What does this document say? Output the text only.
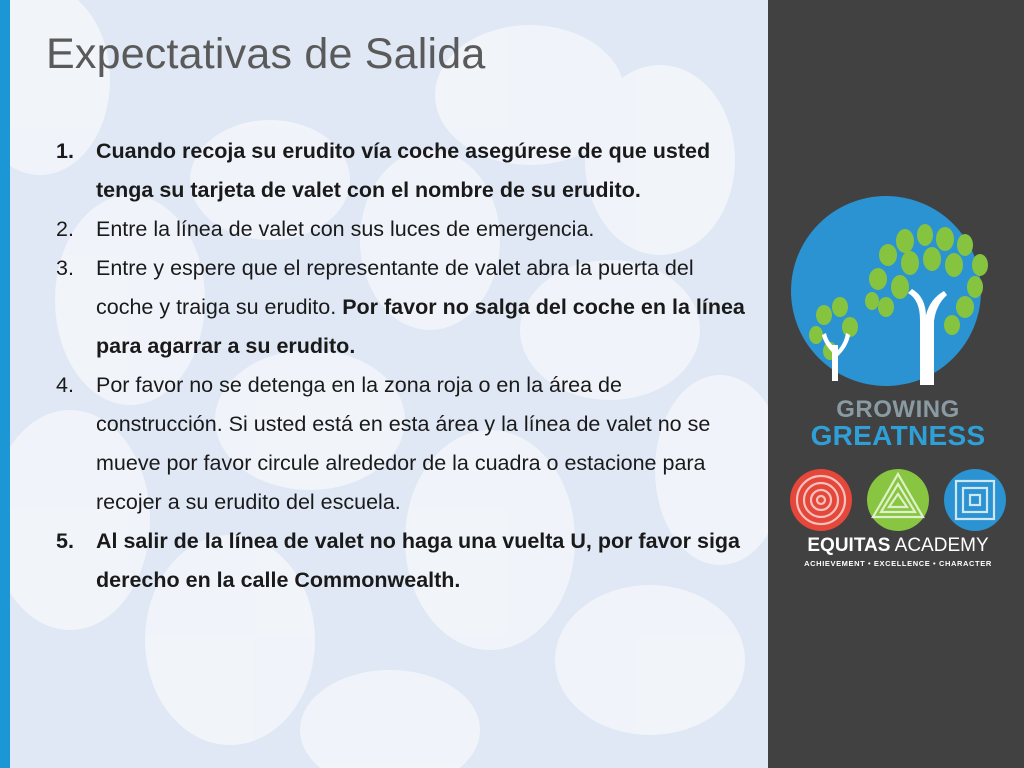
Expectativas de Salida
1. Cuando recoja su erudito vía coche asegúrese de que usted tenga su tarjeta de valet con el nombre de su erudito.
2. Entre la línea de valet con sus luces de emergencia.
3. Entre y espere que el representante de valet abra la puerta del coche y traiga su erudito. Por favor no salga del coche en la línea para agarrar a su erudito.
4. Por favor no se detenga en la zona roja o en la área de construcción. Si usted está en esta área y la línea de valet no se mueve por favor circule alrededor de la cuadra o estacione para recojer a su erudito del escuela.
5. Al salir de la línea de valet no haga una vuelta U, por favor siga derecho en la calle Commonwealth.
GROWING
GREATNESS
EQUITAS ACADEMY
ACHIEVEMENT • EXCELLENCE • CHARACTER
